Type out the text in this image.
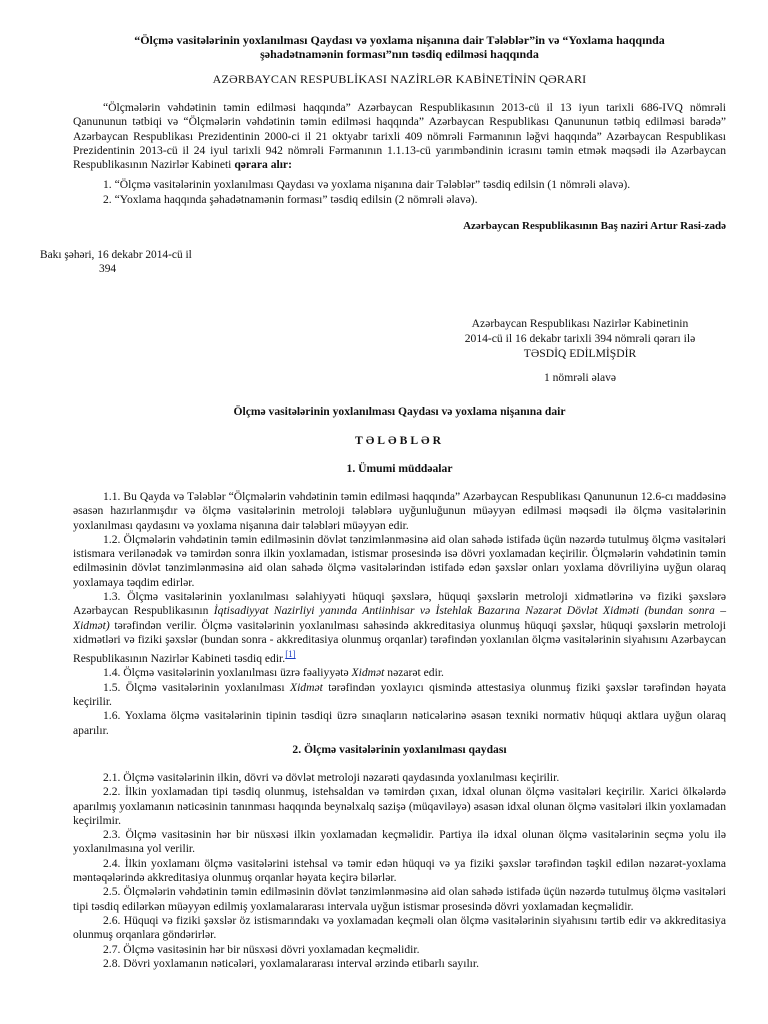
“Ölçmə vasitələrinin yoxlanılması Qaydası və yoxlama nişanına dair Tələblər”in və “Yoxlama haqqında
şəhadətnamənin forması”nın təsdiq edilməsi haqqında
AZƏRBAYCAN RESPUBLİKASI NAZİRLƏR KABİNETİNİN QƏRARI
“Ölçmələrin vəhdətinin təmin edilməsi haqqında” Azərbaycan Respublikasının 2013-cü il 13 iyun tarixli 686-IVQ nömrəli Qanununun tətbiqi və “Ölçmələrin vəhdətinin təmin edilməsi haqqında” Azərbaycan Respublikası Qanununun tətbiq edilməsi barədə” Azərbaycan Respublikası Prezidentinin 2000-ci il 21 oktyabr tarixli 409 nömrəli Fərmanının ləğvi haqqında” Azərbaycan Respublikası Prezidentinin 2013-cü il 24 iyul tarixli 942 nömrəli Fərmanının 1.1.13-cü yarımbəndinin icrasını təmin etmək məqsədi ilə Azərbaycan Respublikasının Nazirlər Kabineti qərara alır:

1. “Ölçmə vasitələrinin yoxlanılması Qaydası və yoxlama nişanına dair Tələblər” təsdiq edilsin (1 nömrəli əlavə).

2. “Yoxlama haqqında şəhadətnamənin forması” təsdiq edilsin (2 nömrəli əlavə).

Azərbaycan Respublikasının Baş naziri Artur Rasi-zadə
Bakı şəhəri, 16 dekabr 2014-cü il
394
Azərbaycan Respublikası Nazirlər Kabinetinin
2014-cü il 16 dekabr tarixli 394 nömrəli qərarı ilə
TƏSDİQ EDİLMİŞDİR
1 nömrəli əlavə
Ölçmə vasitələrinin yoxlanılması Qaydası və yoxlama nişanına dair
TƏLƏBLƏR
1. Ümumi müddəalar

1.1. Bu Qayda və Tələblər “Ölçmələrin vəhdətinin təmin edilməsi haqqında” Azərbaycan Respublikası Qanununun 12.6-cı maddəsinə əsasən hazırlanmışdır və ölçmə vasitələrinin metroloji tələblərə uyğunluğunun müəyyən edilməsi məqsədi ilə ölçmə vasitələrinin yoxlanılması qaydasını və yoxlama nişanına dair tələbləri müəyyən edir.

1.2. Ölçmələrin vəhdətinin təmin edilməsinin dövlət tənzimlənməsinə aid olan sahədə istifadə üçün nəzərdə tutulmuş ölçmə vasitələri istismara verilənədək və təmirdən sonra ilkin yoxlamadan, istismar prosesində isə dövri yoxlamadan keçirilir. Ölçmələrin vəhdətinin təmin edilməsinin dövlət tənzimlənməsinə aid olan sahədə ölçmə vasitələrindən istifadə edən şəxslər onları yoxlama dövriliyinə uyğun olaraq yoxlamaya təqdim edirlər.

1.3. Ölçmə vasitələrinin yoxlanılması səlahiyyəti hüquqi şəxslərə, hüquqi şəxslərin metroloji xidmətlərinə və fiziki şəxslərə Azərbaycan Respublikasının İqtisadiyyat Nazirliyi yanında Antiinhisar və İstehlak Bazarına Nəzarət Dövlət Xidməti (bundan sonra – Xidmət) tərəfindən verilir. Ölçmə vasitələrinin yoxlanılması sahəsində akkreditasiya olunmuş hüquqi şəxslər, hüquqi şəxslərin metroloji xidmətləri və fiziki şəxslər (bundan sonra - akkreditasiya olunmuş orqanlar) tərəfindən yoxlanılan ölçmə vasitələrinin siyahısını Azərbaycan Respublikasının Nazirlər Kabineti təsdiq edir.[1]

1.4. Ölçmə vasitələrinin yoxlanılması üzrə fəaliyyətə Xidmət nəzarət edir.

1.5. Ölçmə vasitələrinin yoxlanılması Xidmət tərəfindən yoxlayıcı qismində attestasiya olunmuş fiziki şəxslər tərəfindən həyata keçirilir.

1.6. Yoxlama ölçmə vasitələrinin tipinin təsdiqi üzrə sınaqların nəticələrinə əsasən texniki normativ hüquqi aktlara uyğun olaraq aparılır.

2. Ölçmə vasitələrinin yoxlanılması qaydası

2.1. Ölçmə vasitələrinin ilkin, dövri və dövlət metroloji nəzarəti qaydasında yoxlanılması keçirilir.

2.2. İlkin yoxlamadan tipi təsdiq olunmuş, istehsaldan və təmirdən çıxan, idxal olunan ölçmə vasitələri keçirilir. Xarici ölkələrdə aparılmış yoxlamanın nəticəsinin tanınması haqqında beynəlxalq sazişə (müqaviləyə) əsasən idxal olunan ölçmə vasitələri ilkin yoxlamadan keçirilmir.

2.3. Ölçmə vasitəsinin hər bir nüsxəsi ilkin yoxlamadan keçməlidir. Partiya ilə idxal olunan ölçmə vasitələrinin seçmə yolu ilə yoxlanılmasına yol verilir.

2.4. İlkin yoxlamanı ölçmə vasitələrini istehsal və təmir edən hüquqi və ya fiziki şəxslər tərəfindən təşkil edilən nəzarət-yoxlama məntəqələrində akkreditasiya olunmuş orqanlar həyata keçirə bilərlər.

2.5. Ölçmələrin vəhdətinin təmin edilməsinin dövlət tənzimlənməsinə aid olan sahədə istifadə üçün nəzərdə tutulmuş ölçmə vasitələri tipi təsdiq edilərkən müəyyən edilmiş yoxlamalararası intervala uyğun istismar prosesində dövri yoxlamadan keçməlidir.

2.6. Hüquqi və fiziki şəxslər öz istismarındakı və yoxlamadan keçməli olan ölçmə vasitələrinin siyahısını tərtib edir və akkreditasiya olunmuş orqanlara göndərirlər.

2.7. Ölçmə vasitəsinin hər bir nüsxəsi dövri yoxlamadan keçməlidir.

2.8. Dövri yoxlamanın nəticələri, yoxlamalararası interval ərzində etibarlı sayılır.
